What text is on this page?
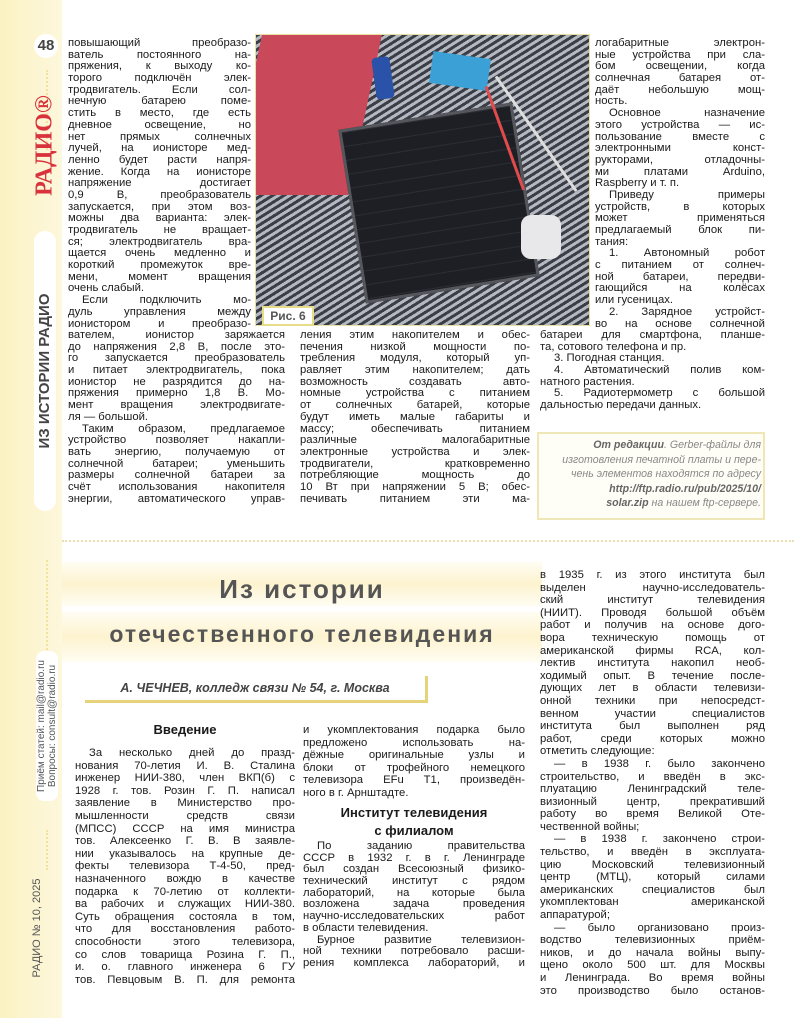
48
РАДИО®
ИЗ ИСТОРИИ РАДИО
Приём статей: mail@radio.ru Вопросы: consult@radio.ru
РАДИО № 10, 2025
повышающий преобразо-
ватель постоянного на-
пряжения, к выходу ко-
торого подключён элек-
тродвигатель. Если сол-
нечную батарею поме-
стить в место, где есть
дневное освещение, но
нет прямых солнечных
лучей, на ионисторе мед-
ленно будет расти напря-
жение. Когда на ионисторе
напряжение достигает
0,9 В, преобразователь
запускается, при этом воз-
можны два варианта: элек-
тродвигатель не вращает-
ся; электродвигатель вра-
щается очень медленно и
короткий промежуток вре-
мени, момент вращения
очень слабый.
Если подключить мо-
дуль управления между
ионистором и преобразо-
вателем, ионистор заряжается
до напряжения 2,8 В, после это-
го запускается преобразователь
и питает электродвигатель, пока
ионистор не разрядится до на-
пряжения примерно 1,8 В. Мо-
мент вращения электродвигате-
ля — большой.
Таким образом, предлагаемое
устройство позволяет накапли-
вать энергию, получаемую от
солнечной батареи; уменьшить
размеры солнечной батареи за
счёт использования накопителя
энергии, автоматического управ-
Рис. 6
ления этим накопителем и обес-
печения низкой мощности по-
требления модуля, который уп-
равляет этим накопителем; дать
возможность создавать авто-
номные устройства с питанием
от солнечных батарей, которые
будут иметь малые габариты и
массу; обеспечивать питанием
различные малогабаритные
электронные устройства и элек-
тродвигатели, кратковременно
потребляющие мощность до
10 Вт при напряжении 5 В; обес-
печивать питанием эти ма-
логабаритные электрон-
ные устройства при сла-
бом освещении, когда
солнечная батарея от-
даёт небольшую мощ-
ность.
Основное назначение
этого устройства — ис-
пользование вместе с
электронными конст-
рукторами, отладочны-
ми платами Arduino,
Raspberry и т. п.
Приведу примеры
устройств, в которых
может применяться
предлагаемый блок пи-
тания:
1. Автономный робот
с питанием от солнеч-
ной батареи, передви-
гающийся на колёсах
или гусеницах.
2. Зарядное устройст-
во на основе солнечной
батареи для смартфона, планше-
та, сотового телефона и пр.
3. Погодная станция.
4. Автоматический полив ком-
натного растения.
5. Радиотермометр с большой
дальностью передачи данных.
От редакции. Gerber-файлы для
изготовления печатной платы и пере-
чень элементов находятся по адресу
http://ftp.radio.ru/pub/2025/10/
solar.zip на нашем ftp-сервере.
Из истории
отечественного телевидения
А. ЧЕЧНЕВ, колледж связи № 54, г. Москва
Введение
За несколько дней до празд-
нования 70-летия И. В. Сталина
инженер НИИ-380, член ВКП(б) с
1928 г. тов. Розин Г. П. написал
заявление в Министерство про-
мышленности средств связи
(МПСС) СССР на имя министра
тов. Алексеенко Г. В. В заявле-
нии указывалось на крупные де-
фекты телевизора Т-4-50, пред-
назначенного вождю в качестве
подарка к 70-летию от коллекти-
ва рабочих и служащих НИИ-380.
Суть обращения состояла в том,
что для восстановления работо-
способности этого телевизора,
со слов товарища Розина Г. П.,
и. о. главного инженера 6 ГУ
тов. Певцовым В. П. для ремонта
и укомплектования подарка было
предложено использовать на-
дёжные оригинальные узлы и
блоки от трофейного немецкого
телевизора EFu T1, произведён-
ного в г. Арнштадте.
Институт телевидения
с филиалом
По заданию правительства
СССР в 1932 г. в г. Ленинграде
был создан Всесоюзный физико-
технический институт с рядом
лабораторий, на которые была
возложена задача проведения
научно-исследовательских работ
в области телевидения.
Бурное развитие телевизион-
ной техники потребовало расши-
рения комплекса лабораторий, и
в 1935 г. из этого института был
выделен научно-исследователь-
ский институт телевидения
(НИИТ). Проводя большой объём
работ и получив на основе дого-
вора техническую помощь от
американской фирмы RCA, кол-
лектив института накопил необ-
ходимый опыт. В течение после-
дующих лет в области телевизи-
онной техники при непосредст-
венном участии специалистов
института был выполнен ряд
работ, среди которых можно
отметить следующие:
— в 1938 г. было закончено
строительство, и введён в экс-
плуатацию Ленинградский теле-
визионный центр, прекративший
работу во время Великой Оте-
чественной войны;
— в 1938 г. закончено строи-
тельство, и введён в эксплуата-
цию Московский телевизионный
центр (МТЦ), который силами
американских специалистов был
укомплектован американской
аппаратурой;
— было организовано произ-
водство телевизионных приём-
ников, и до начала войны выпу-
щено около 500 шт. для Москвы
и Ленинграда. Во время войны
это производство было останов-
